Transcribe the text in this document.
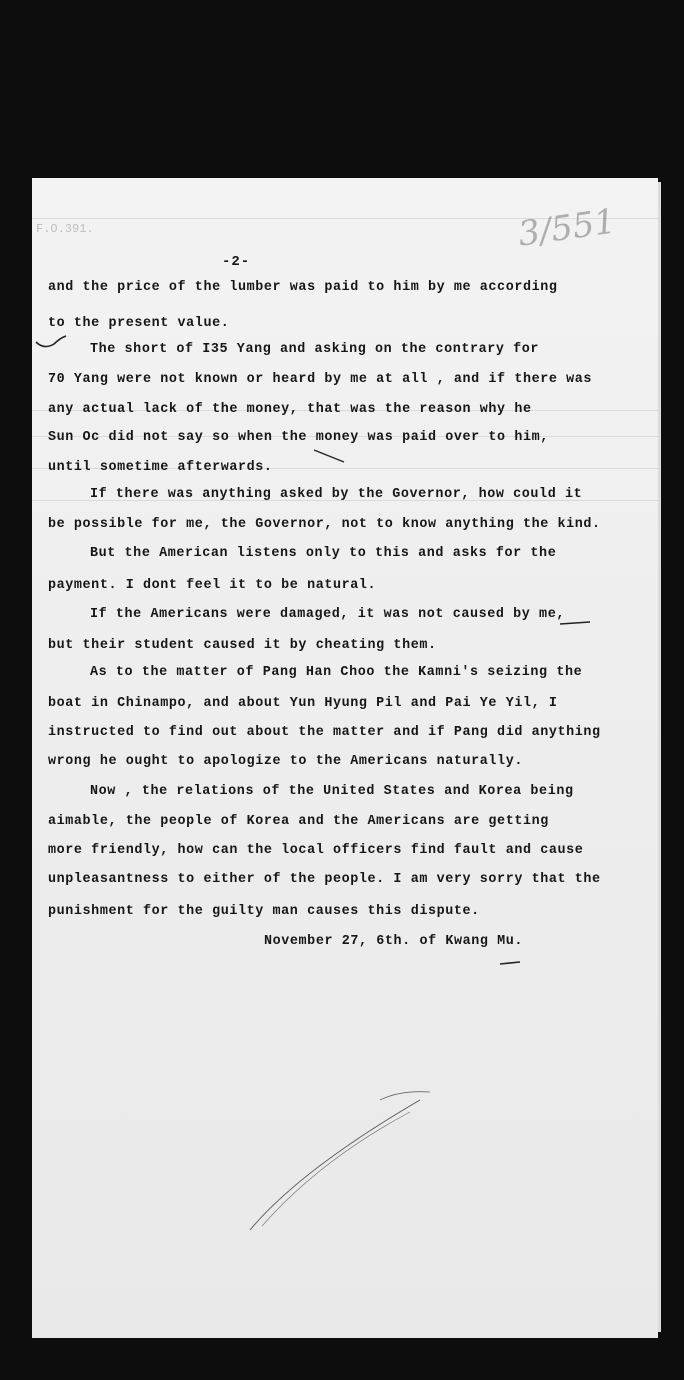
F.O.391.	3/551
-2-
and the price of the lumber was paid to him by me according
to the present value.
The short of I35 Yang and asking on the contrary for
70 Yang were not known or heard by me at all , and if there was
any actual lack of the money, that was the reason why he
Sun Oc did not say so when the money was paid over to him,
until sometime afterwards.
If there was anything asked by the Governor, how could it
be possible for me, the Governor, not to know anything the kind.
But the American listens only to this and asks for the
payment. I dont feel it to be natural.
If the Americans were damaged, it was not caused by me,
but their student caused it by cheating them.
As to the matter of Pang Han Choo the Kamni's seizing the
boat in Chinampo, and about Yun Hyung Pil and Pai Ye Yil, I
instructed to find out about the matter and if Pang did anything
wrong he ought to apologize to the Americans naturally.
Now , the relations of the United States and Korea being
aimable, the people of Korea and the Americans are getting
more friendly, how can the local officers find fault and cause
unpleasantness to either of the people. I am very sorry that the
punishment for the guilty man causes this dispute.
November 27, 6th. of Kwang Mu.
